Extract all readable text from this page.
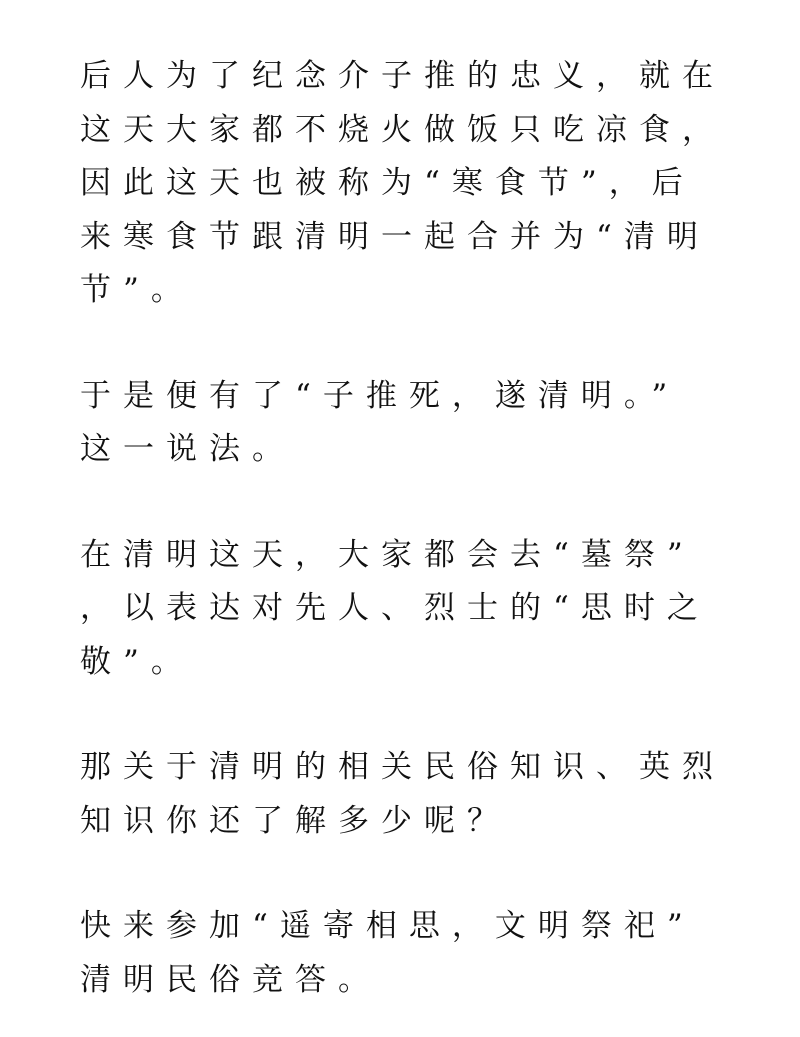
后人为了纪念介子推的忠义，就在
这天大家都不烧火做饭只吃凉食，
因此这天也被称为“寒食节”，后
来寒食节跟清明一起合并为“清明
节”。

于是便有了“子推死，遂清明。”
这一说法。

在清明这天，大家都会去“墓祭”
，以表达对先人、烈士的“思时之
敬”。

那关于清明的相关民俗知识、英烈
知识你还了解多少呢？

快来参加“遥寄相思，文明祭祀”
清明民俗竞答。
